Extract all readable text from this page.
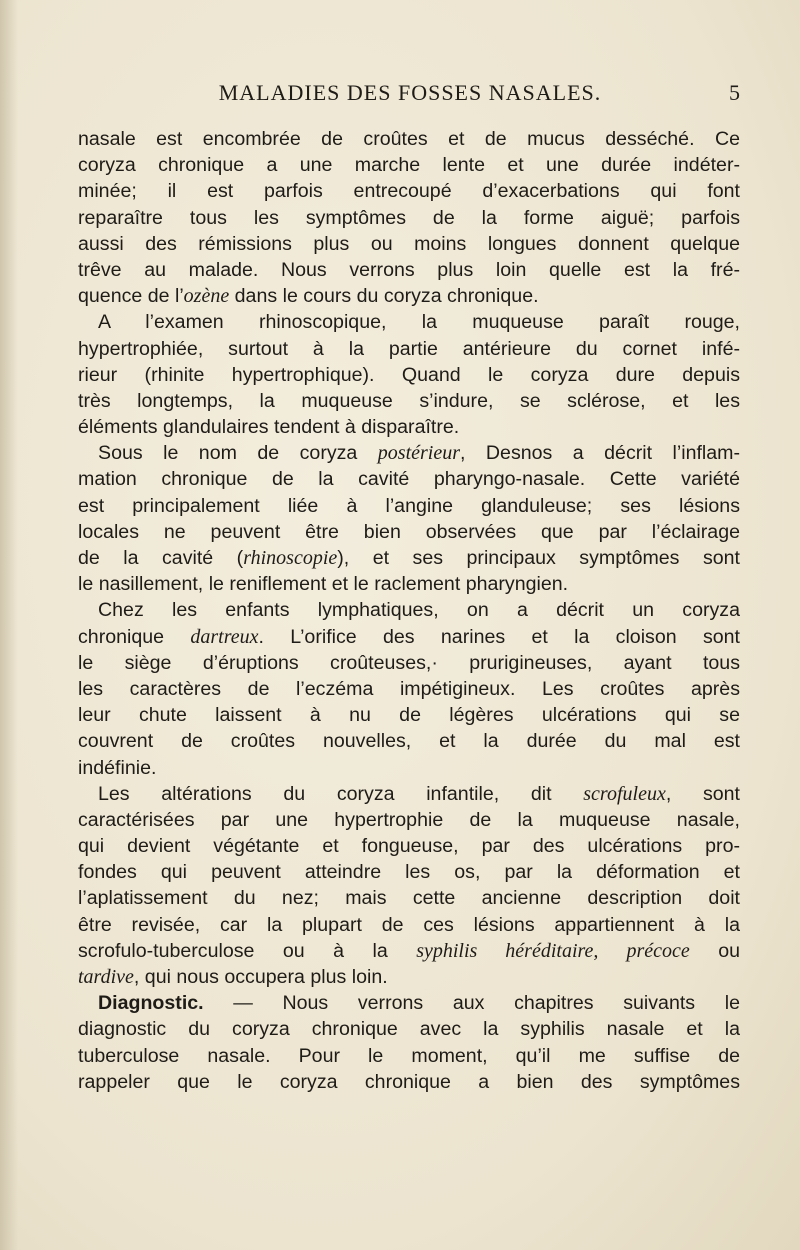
MALADIES DES FOSSES NASALES.	5
nasale est encombrée de croûtes et de mucus desséché. Ce
coryza chronique a une marche lente et une durée indéter-
minée; il est parfois entrecoupé d’exacerbations qui font
reparaître tous les symptômes de la forme aiguë; parfois
aussi des rémissions plus ou moins longues donnent quelque
trêve au malade. Nous verrons plus loin quelle est la fré-
quence de l’ozène dans le cours du coryza chronique.
A l’examen rhinoscopique, la muqueuse paraît rouge,
hypertrophiée, surtout à la partie antérieure du cornet infé-
rieur (rhinite hypertrophique). Quand le coryza dure depuis
très longtemps, la muqueuse s’indure, se sclérose, et les
éléments glandulaires tendent à disparaître.
Sous le nom de coryza postérieur, Desnos a décrit l’inflam-
mation chronique de la cavité pharyngo-nasale. Cette variété
est principalement liée à l’angine glanduleuse; ses lésions
locales ne peuvent être bien observées que par l’éclairage
de la cavité (rhinoscopie), et ses principaux symptômes sont
le nasillement, le reniflement et le raclement pharyngien.
Chez les enfants lymphatiques, on a décrit un coryza
chronique dartreux. L’orifice des narines et la cloison sont
le siège d’éruptions croûteuses,· prurigineuses, ayant tous
les caractères de l’eczéma impétigineux. Les croûtes après
leur chute laissent à nu de légères ulcérations qui se
couvrent de croûtes nouvelles, et la durée du mal est
indéfinie.
Les altérations du coryza infantile, dit scrofuleux, sont
caractérisées par une hypertrophie de la muqueuse nasale,
qui devient végétante et fongueuse, par des ulcérations pro-
fondes qui peuvent atteindre les os, par la déformation et
l’aplatissement du nez; mais cette ancienne description doit
être revisée, car la plupart de ces lésions appartiennent à la
scrofulo-tuberculose ou à la syphilis héréditaire, précoce ou
tardive, qui nous occupera plus loin.
Diagnostic. — Nous verrons aux chapitres suivants le
diagnostic du coryza chronique avec la syphilis nasale et la
tuberculose nasale. Pour le moment, qu’il me suffise de
rappeler que le coryza chronique a bien des symptômes
